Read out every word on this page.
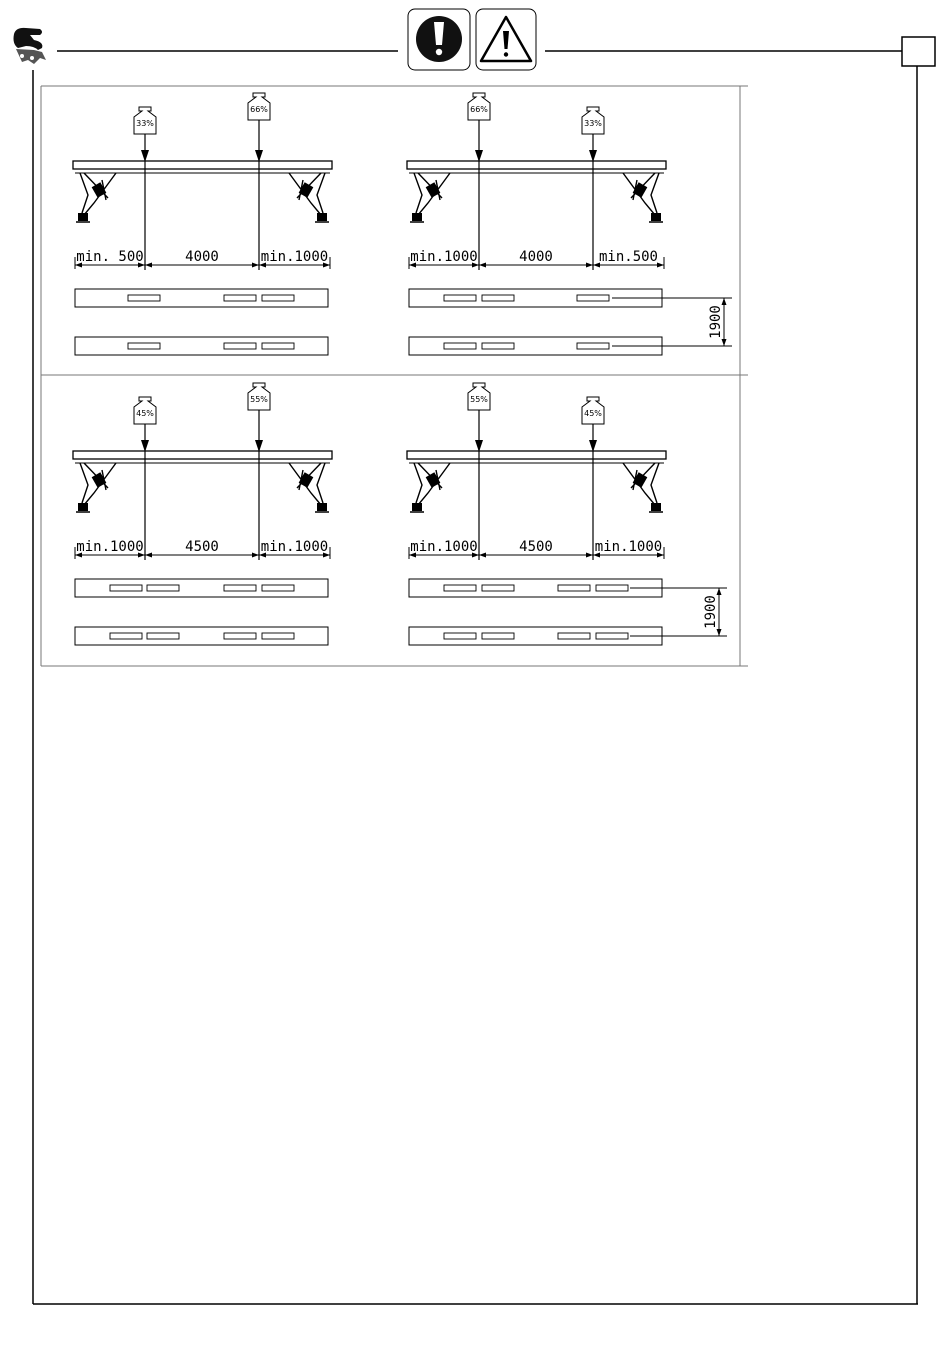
33%
66%
min. 500	4000	min.1000
66%
33%
min.1000	4000	min.500
45%
55%
min.1000	4500	min.1000
55%
45%
min.1000	4500	min.1000
1900
1900
